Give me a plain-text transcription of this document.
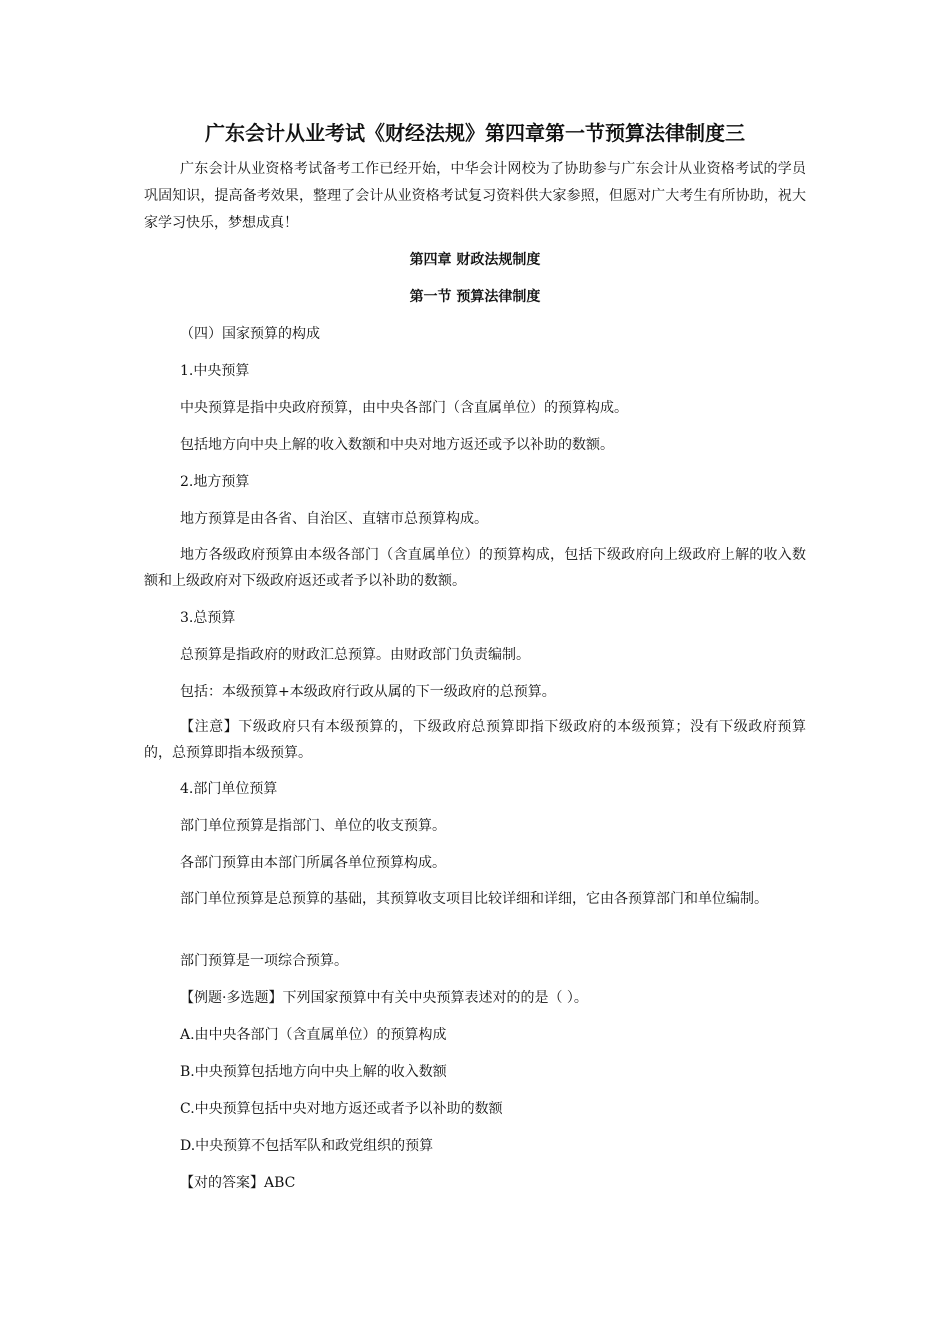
广东会计从业考试《财经法规》第四章第一节预算法律制度三
广东会计从业资格考试备考工作已经开始，中华会计网校为了协助参与广东会计从业资格考试的学员巩固知识，提高备考效果，整理了会计从业资格考试复习资料供大家参照，但愿对广大考生有所协助，祝大家学习快乐，梦想成真！
第四章 财政法规制度
第一节 预算法律制度
（四）国家预算的构成
1.中央预算
中央预算是指中央政府预算，由中央各部门（含直属单位）的预算构成。
包括地方向中央上解的收入数额和中央对地方返还或予以补助的数额。
2.地方预算
地方预算是由各省、自治区、直辖市总预算构成。
地方各级政府预算由本级各部门（含直属单位）的预算构成，包括下级政府向上级政府上解的收入数额和上级政府对下级政府返还或者予以补助的数额。
3.总预算
总预算是指政府的财政汇总预算。由财政部门负责编制。
包括：本级预算+本级政府行政从属的下一级政府的总预算。
【注意】下级政府只有本级预算的，下级政府总预算即指下级政府的本级预算；没有下级政府预算的，总预算即指本级预算。
4.部门单位预算
部门单位预算是指部门、单位的收支预算。
各部门预算由本部门所属各单位预算构成。
部门单位预算是总预算的基础，其预算收支项目比较详细和详细，它由各预算部门和单位编制。
部门预算是一项综合预算。
【例题·多选题】下列国家预算中有关中央预算表述对的的是（ ）。
A.由中央各部门（含直属单位）的预算构成
B.中央预算包括地方向中央上解的收入数额
C.中央预算包括中央对地方返还或者予以补助的数额
D.中央预算不包括军队和政党组织的预算
【对的答案】ABC
